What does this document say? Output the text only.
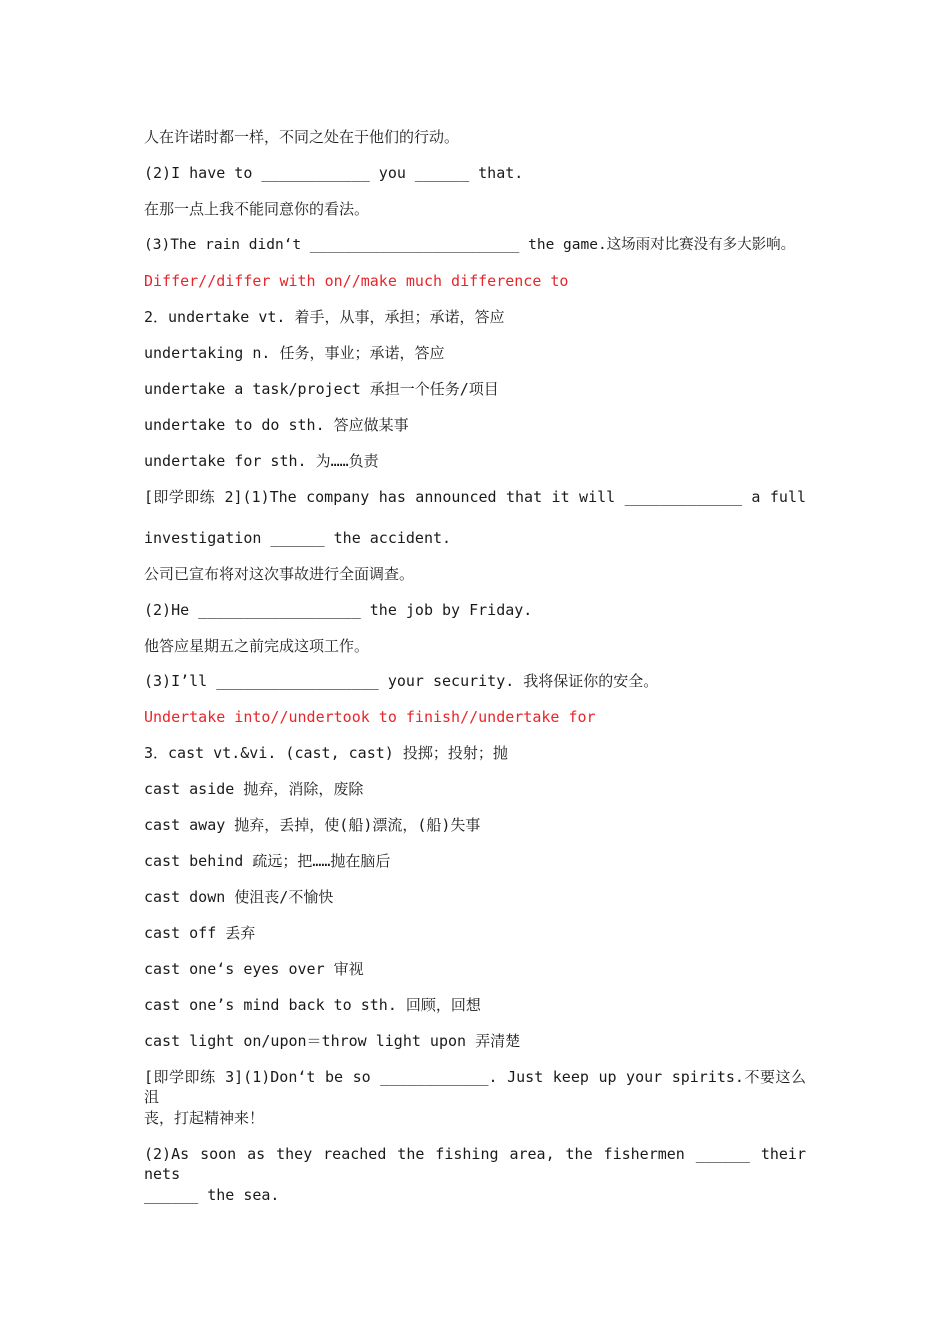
人在许诺时都一样，不同之处在于他们的行动。
(2)I have to ____________ you ______ that.
在那一点上我不能同意你的看法。
(3)The rain didn‘t ________________________ the game.这场雨对比赛没有多大影响。
Differ//differ with on//make much difference to
2．undertake vt. 着手，从事，承担；承诺，答应
undertaking n. 任务，事业；承诺，答应
undertake a task/project 承担一个任务/项目
undertake to do sth. 答应做某事
undertake for sth. 为……负责
[即学即练 2](1)The company has announced that it will _____________ a full
investigation ______ the accident.
公司已宣布将对这次事故进行全面调查。
(2)He __________________ the job by Friday.
他答应星期五之前完成这项工作。
(3)I’ll __________________ your security. 我将保证你的安全。
Undertake into//undertook to finish//undertake for
3．cast vt.&vi. (cast, cast) 投掷；投射；抛
cast aside 抛弃，消除，废除
cast away 抛弃，丢掉，使(船)漂流，(船)失事
cast behind 疏远；把……抛在脑后
cast down 使沮丧/不愉快
cast off 丢弃
cast one‘s eyes over 审视
cast one’s mind back to sth. 回顾，回想
cast light on/upon＝throw light upon 弄清楚
[即学即练 3](1)Don‘t be so ____________. Just keep up your spirits.不要这么沮
丧，打起精神来！
(2)As soon as they reached the fishing area, the fishermen ______ their nets
______ the sea.
